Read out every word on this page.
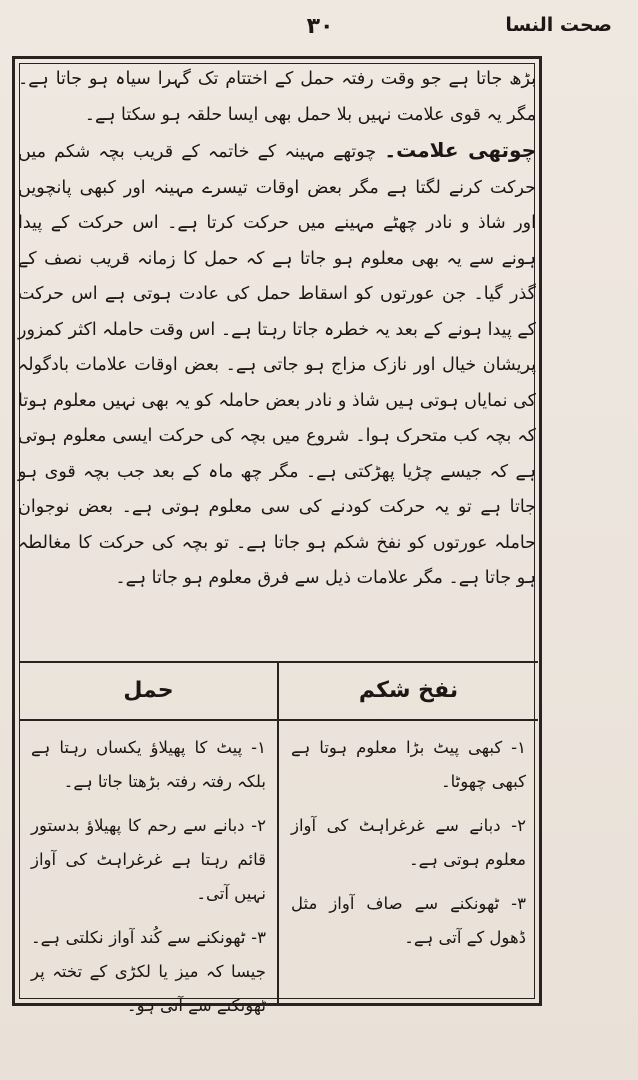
۳۰	صحت النسا

بڑھ جاتا ہے جو وقت رفتہ حمل کے اختتام تک گہرا سیاہ ہو جاتا ہے۔ مگر یہ قوی علامت نہیں بلا حمل بھی ایسا حلقہ ہو سکتا ہے۔

چوتھی علامت۔ چوتھے مہینہ کے خاتمہ کے قریب بچہ شکم میں حرکت کرنے لگتا ہے مگر بعض اوقات تیسرے مہینہ اور کبھی پانچویں اور شاذ و نادر چھٹے مہینے میں حرکت کرتا ہے۔ اس حرکت کے پیدا ہونے سے یہ بھی معلوم ہو جاتا ہے کہ حمل کا زمانہ قریب نصف کے گذر گیا۔ جن عورتوں کو اسقاط حمل کی عادت ہوتی ہے اس حرکت کے پیدا ہونے کے بعد یہ خطرہ جاتا رہتا ہے۔ اس وقت حاملہ اکثر کمزور پریشان خیال اور نازک مزاج ہو جاتی ہے۔ بعض اوقات علامات بادگولہ کی نمایاں ہوتی ہیں شاذ و نادر بعض حاملہ کو یہ بھی نہیں معلوم ہوتا کہ بچہ کب متحرک ہوا۔ شروع میں بچہ کی حرکت ایسی معلوم ہوتی ہے کہ جیسے چڑیا پھڑکتی ہے۔ مگر چھ ماہ کے بعد جب بچہ قوی ہو جاتا ہے تو یہ حرکت کودنے کی سی معلوم ہوتی ہے۔ بعض نوجوان حاملہ عورتوں کو نفخ شکم ہو جاتا ہے۔ تو بچہ کی حرکت کا مغالطہ ہو جاتا ہے۔ مگر علامات ذیل سے فرق معلوم ہو جاتا ہے۔

نفخ شکم

۱- کبھی پیٹ بڑا معلوم ہوتا ہے کبھی چھوٹا۔

۲- دبانے سے غرغراہٹ کی آواز معلوم ہوتی ہے۔

۳- ٹھونکنے سے صاف آواز مثل ڈھول کے آتی ہے۔

حمل

۱- پیٹ کا پھیلاؤ یکساں رہتا ہے بلکہ رفتہ رفتہ بڑھتا جاتا ہے۔

۲- دبانے سے رحم کا پھیلاؤ بدستور قائم رہتا ہے غرغراہٹ کی آواز نہیں آتی۔

۳- ٹھونکنے سے کُند آواز نکلتی ہے۔ جیسا کہ میز یا لکڑی کے تختہ پر ٹھونکنے سے آتی ہو۔
